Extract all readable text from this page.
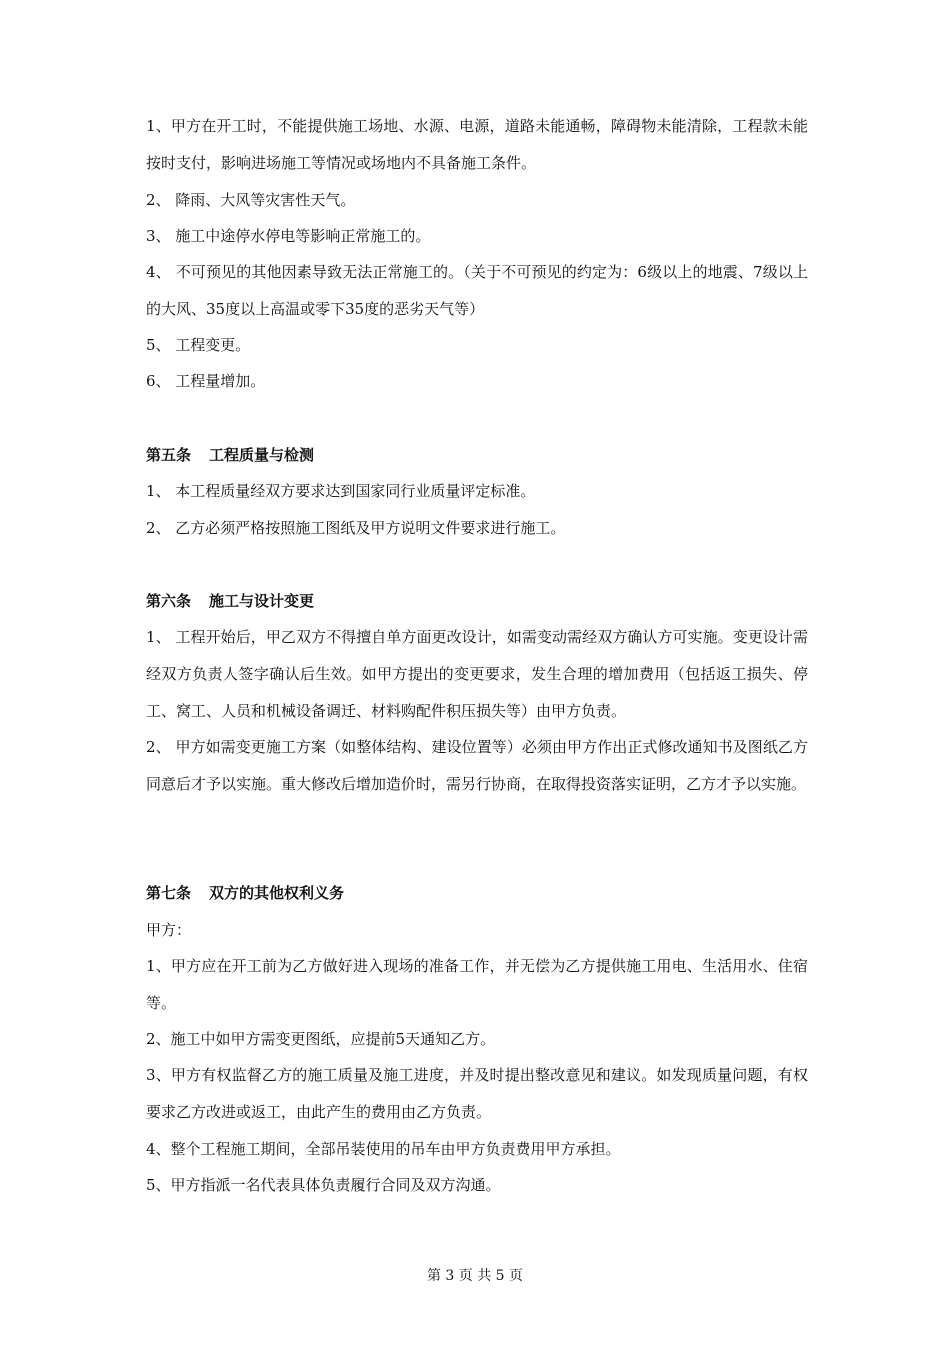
1、甲方在开工时，不能提供施工场地、水源、电源，道路未能通畅，障碍物未能清除，工程款未能按时支付，影响进场施工等情况或场地内不具备施工条件。

2、 降雨、大风等灾害性天气。

3、 施工中途停水停电等影响正常施工的。

4、 不可预见的其他因素导致无法正常施工的。（关于不可预见的约定为：6级以上的地震、7级以上的大风、35度以上高温或零下35度的恶劣天气等）

5、 工程变更。

6、 工程量增加。

第五条 工程质量与检测

1、 本工程质量经双方要求达到国家同行业质量评定标准。

2、 乙方必须严格按照施工图纸及甲方说明文件要求进行施工。

第六条 施工与设计变更

1、 工程开始后，甲乙双方不得擅自单方面更改设计，如需变动需经双方确认方可实施。变更设计需经双方负责人签字确认后生效。如甲方提出的变更要求，发生合理的增加费用（包括返工损失、停工、窝工、人员和机械设备调迁、材料购配件积压损失等）由甲方负责。

2、 甲方如需变更施工方案（如整体结构、建设位置等）必须由甲方作出正式修改通知书及图纸乙方同意后才予以实施。重大修改后增加造价时，需另行协商，在取得投资落实证明，乙方才予以实施。

第七条 双方的其他权利义务

甲方：

1、甲方应在开工前为乙方做好进入现场的准备工作，并无偿为乙方提供施工用电、生活用水、住宿等。

2、施工中如甲方需变更图纸，应提前5天通知乙方。

3、甲方有权监督乙方的施工质量及施工进度，并及时提出整改意见和建议。如发现质量问题，有权要求乙方改进或返工，由此产生的费用由乙方负责。

4、整个工程施工期间，全部吊装使用的吊车由甲方负责费用甲方承担。

5、甲方指派一名代表具体负责履行合同及双方沟通。

第 3 页 共 5 页
